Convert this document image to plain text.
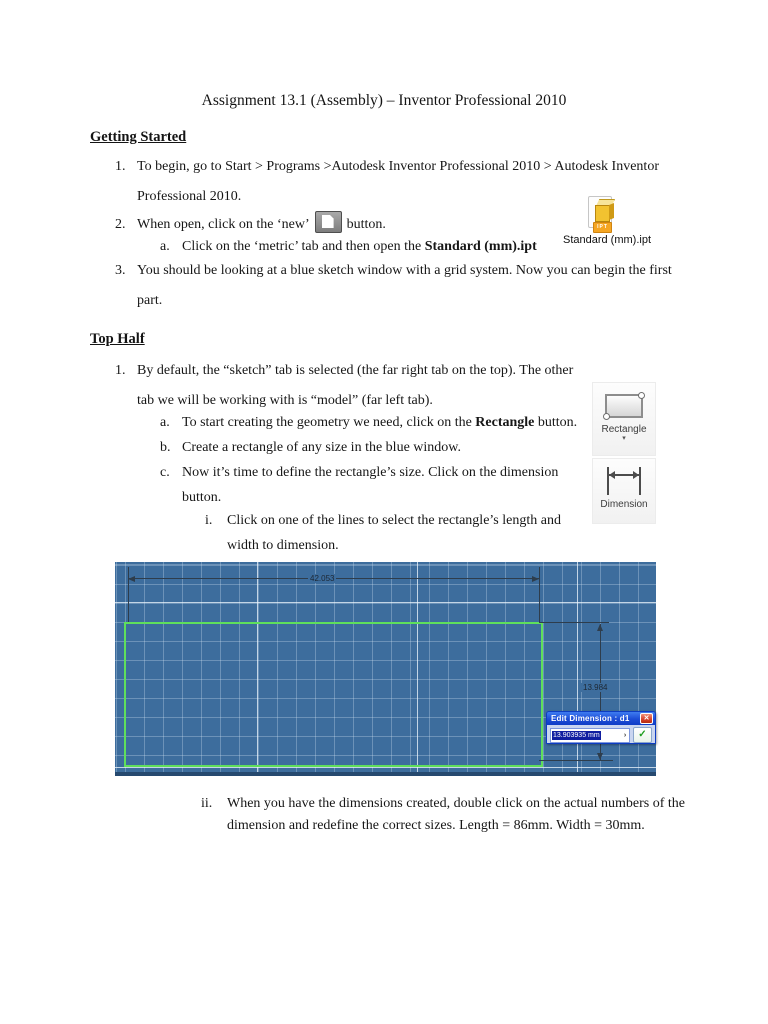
Assignment 13.1 (Assembly) – Inventor Professional 2010
Getting Started
1. To begin, go to Start > Programs >Autodesk Inventor Professional 2010 > Autodesk Inventor
Professional 2010.
2. When open, click on the ‘new’	button.
a. Click on the ‘metric’ tab and then open the Standard (mm).ipt
3. You should be looking at a blue sketch window with a grid system. Now you can begin the first
part.
IPT
Standard (mm).ipt
Top Half
1. By default, the “sketch” tab is selected (the far right tab on the top). The other
tab we will be working with is “model” (far left tab).
a. To start creating the geometry we need, click on the Rectangle button.
b. Create a rectangle of any size in the blue window.
c. Now it’s time to define the rectangle’s size. Click on the dimension
button.
i. Click on one of the lines to select the rectangle’s length and
width to dimension.
Rectangle
▾
Dimension
42.053
13.984
Edit Dimension : d1	✕
13.903935 mm	›	✓
ii. When you have the dimensions created, double click on the actual numbers of the
dimension and redefine the correct sizes. Length = 86mm. Width = 30mm.
